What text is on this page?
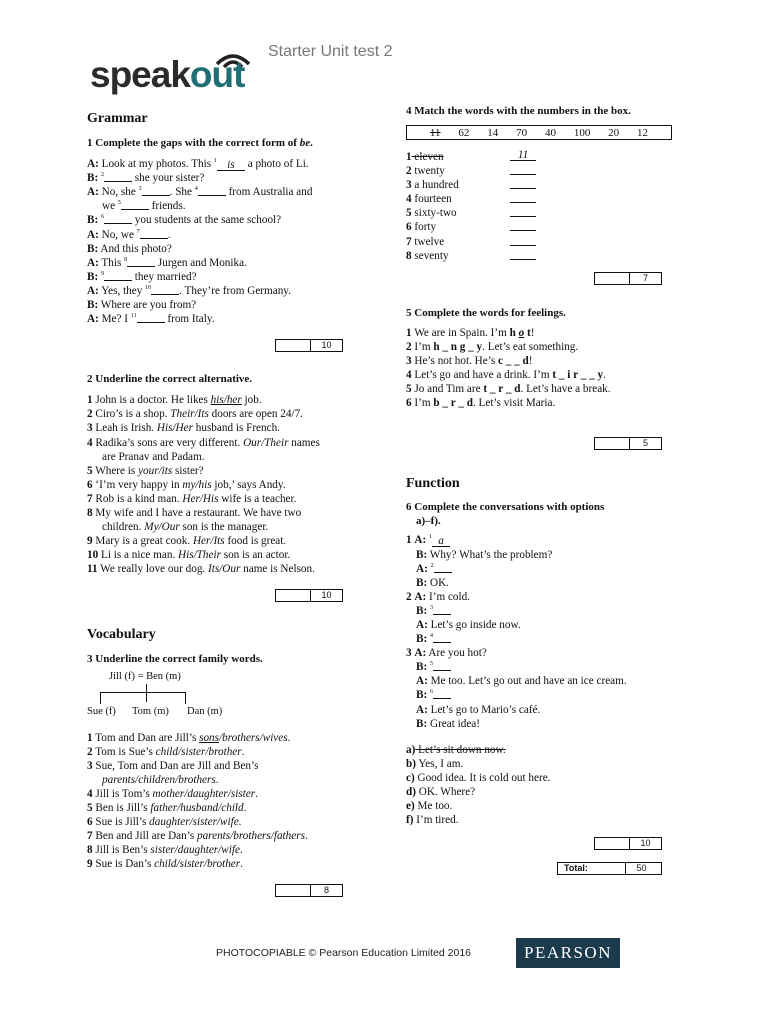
speakout
Starter Unit test 2
Grammar
1 Complete the gaps with the correct form of be.
A: Look at my photos. This $^1$ is a photo of Li.
B: $^2$	she your sister?
A: No, she $^3$	. She $^4$	from Australia and
we $^5$	friends.
B: $^6$	you students at the same school?
A: No, we $^7$	.
B: And this photo?
A: This $^8$	Jurgen and Monika.
B: $^9$	they married?
A: Yes, they $^{10}$	. They’re from Germany.
B: Where are you from?
A: Me? I $^{11}$	from Italy.
10
2 Underline the correct alternative.
1 John is a doctor. He likes his/her job.
2 Ciro’s is a shop. Their/Its doors are open 24/7.
3 Leah is Irish. His/Her husband is French.
4 Radika’s sons are very different. Our/Their names
are Pranav and Padam.
5 Where is your/its sister?
6 ‘I’m very happy in my/his job,’ says Andy.
7 Rob is a kind man. Her/His wife is a teacher.
8 My wife and I have a restaurant. We have two
children. My/Our son is the manager.
9 Mary is a great cook. Her/Its food is great.
10 Li is a nice man. His/Their son is an actor.
11 We really love our dog. Its/Our name is Nelson.
10
Vocabulary
3 Underline the correct family words.
Jill (f) = Ben (m)
Sue (f) Tom (m) Dan (m)
1 Tom and Dan are Jill’s sons/brothers/wives.
2 Tom is Sue’s child/sister/brother.
3 Sue, Tom and Dan are Jill and Ben’s
parents/children/brothers.
4 Jill is Tom’s mother/daughter/sister.
5 Ben is Jill’s father/husband/child.
6 Sue is Jill’s daughter/sister/wife.
7 Ben and Jill are Dan’s parents/brothers/fathers.
8 Jill is Ben’s sister/daughter/wife.
9 Sue is Dan’s child/sister/brother.
8
4 Match the words with the numbers in the box.
11 62 14 70 40 100 20 12
1 eleven	11
2 twenty
3 a hundred
4 fourteen
5 sixty-two
6 forty
7 twelve
8 seventy
7
5 Complete the words for feelings.
1 We are in Spain. I’m h o t!
2 I’m h _ n g _ y. Let’s eat something.
3 He’s not hot. He’s c _ _ d!
4 Let’s go and have a drink. I’m t _ i r _ _ y.
5 Jo and Tim are t _ r _ d. Let’s have a break.
6 I’m b _ r _ d. Let’s visit Maria.
5
Function
6 Complete the conversations with options
a)–f).
1 A: $^1$ a
B: Why? What’s the problem?
A: $^2$
B: OK.
2 A: I’m cold.
B: $^3$
A: Let’s go inside now.
B: $^4$
3 A: Are you hot?
B: $^5$
A: Me too. Let’s go out and have an ice cream.
B: $^6$
A: Let’s go to Mario’s café.
B: Great idea!
a) Let’s sit down now.
b) Yes, I am.
c) Good idea. It is cold out here.
d) OK. Where?
e) Me too.
f) I’m tired.
10
Total:	50
PHOTOCOPIABLE © Pearson Education Limited 2016	PEARSON
